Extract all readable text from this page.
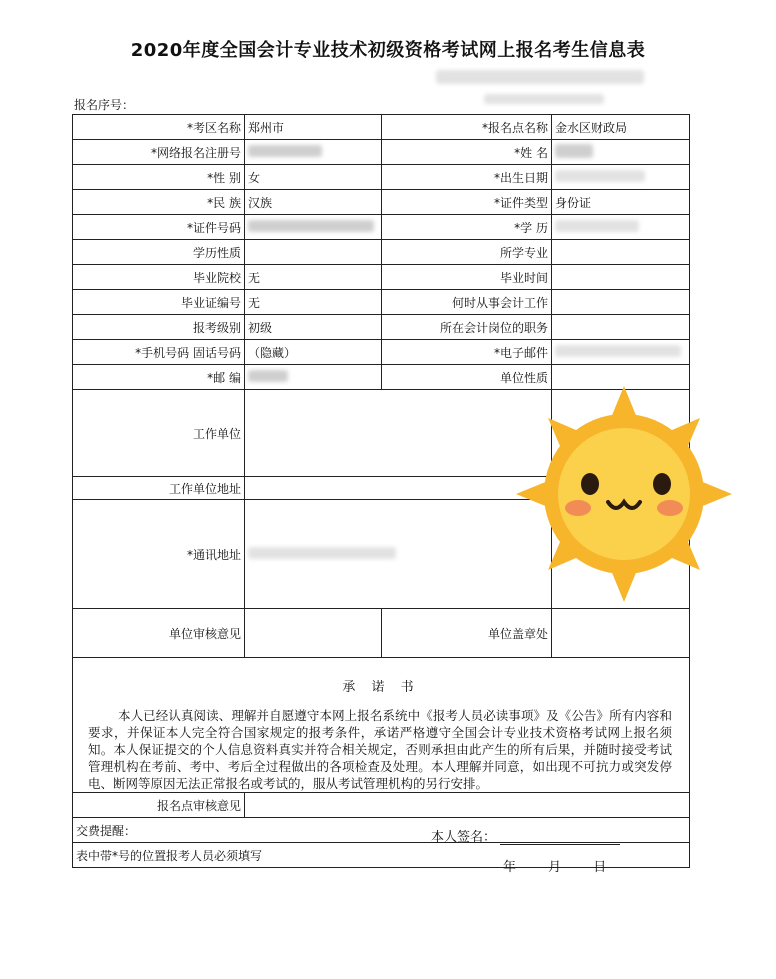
2020年度全国会计专业技术初级资格考试网上报名考生信息表
报名序号：
*考区名称	郑州市	*报名点名称	金水区财政局
*网络报名注册号		*姓 名	
*性 别	女	*出生日期	
*民 族	汉族	*证件类型	身份证
*证件号码		*学 历	
学历性质		所学专业	
毕业院校	无	毕业时间	
毕业证编号	无	何时从事会计工作	
报考级别	初级	所在会计岗位的职务	
*手机号码 固话号码	（隐藏）	*电子邮件	
*邮 编		单位性质	
工作单位			
工作单位地址			
*通讯地址			
单位审核意见		单位盖章处	

承 诺 书
本人已经认真阅读、理解并自愿遵守本网上报名系统中《报考人员必读事项》及《公告》所有内容和要求，并保证本人完全符合国家规定的报考条件，承诺严格遵守全国会计专业技术资格考试网上报名须知。本人保证提交的个人信息资料真实并符合相关规定，否则承担由此产生的所有后果，并随时接受考试管理机构在考前、考中、考后全过程做出的各项检查及处理。本人理解并同意，如出现不可抗力或突发停电、断网等原因无法正常报名或考试的，服从考试管理机构的另行安排。
本人签名：
年 月 日			

报名点审核意见			
交费提醒：			
表中带*号的位置报考人员必须填写			
